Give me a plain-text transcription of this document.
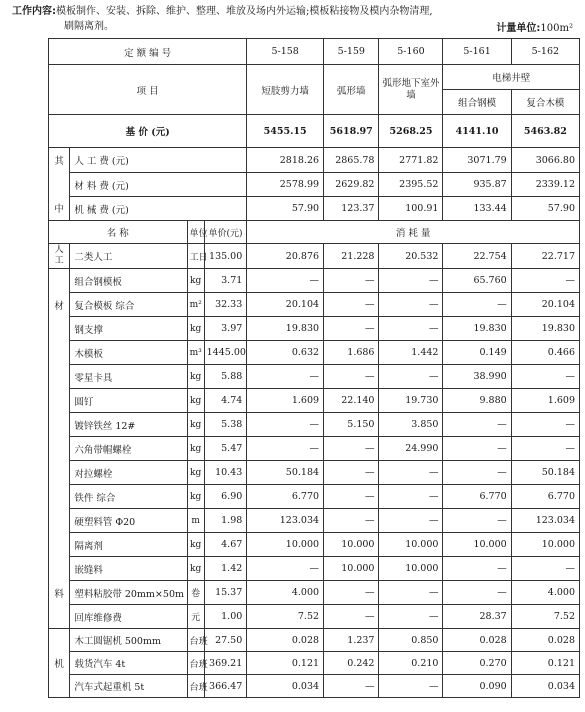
工作内容:模板制作、安装、拆除、维护、整理、堆放及场内外运输;模板粘接物及模内杂物清理,
刷隔离剂。	计量单位:100m²
定 额 编 号				5-158	5-159	5-160	5-161	5-162
项 目				短肢剪力墙	弧形墙	弧形地下室外墙	电梯井壁	
							组合钢模	复合木模
基 价 (元)				5455.15	5618.97	5268.25	4141.10	5463.82
其	人 工 费 (元)			2818.26	2865.78	2771.82	3071.79	3066.80
	材 料 费 (元)			2578.99	2629.82	2395.52	935.87	2339.12
中	机 械 费 (元)			57.90	123.37	100.91	133.44	57.90
名 称		单位	单价(元)	消 耗 量				
人工	二类人工	工日	135.00	20.876	21.228	20.532	22.754	22.717
	组合钢模板	kg	3.71	—	—	—	65.760	—
材	复合模板 综合	m²	32.33	20.104	—	—	—	20.104
	钢支撑	kg	3.97	19.830	—	—	19.830	19.830
	木模板	m³	1445.00	0.632	1.686	1.442	0.149	0.466
	零星卡具	kg	5.88	—	—	—	38.990	—
	圆钉	kg	4.74	1.609	22.140	19.730	9.880	1.609
	镀锌铁丝 12#	kg	5.38	—	5.150	3.850	—	—
	六角带帽螺栓	kg	5.47	—	—	24.990	—	—
	对拉螺栓	kg	10.43	50.184	—	—	—	50.184
	铁件 综合	kg	6.90	6.770	—	—	6.770	6.770
	硬塑料管 Φ20	m	1.98	123.034	—	—	—	123.034
	隔离剂	kg	4.67	10.000	10.000	10.000	10.000	10.000
	嵌缝料	kg	1.42	—	10.000	10.000	—	—
料	塑料粘胶带 20mm×50m	卷	15.37	4.000	—	—	—	4.000
	回库维修费	元	1.00	7.52	—	—	28.37	7.52
	木工圆锯机 500mm	台班	27.50	0.028	1.237	0.850	0.028	0.028
机	载货汽车 4t	台班	369.21	0.121	0.242	0.210	0.270	0.121
	汽车式起重机 5t	台班	366.47	0.034	—	—	0.090	0.034
